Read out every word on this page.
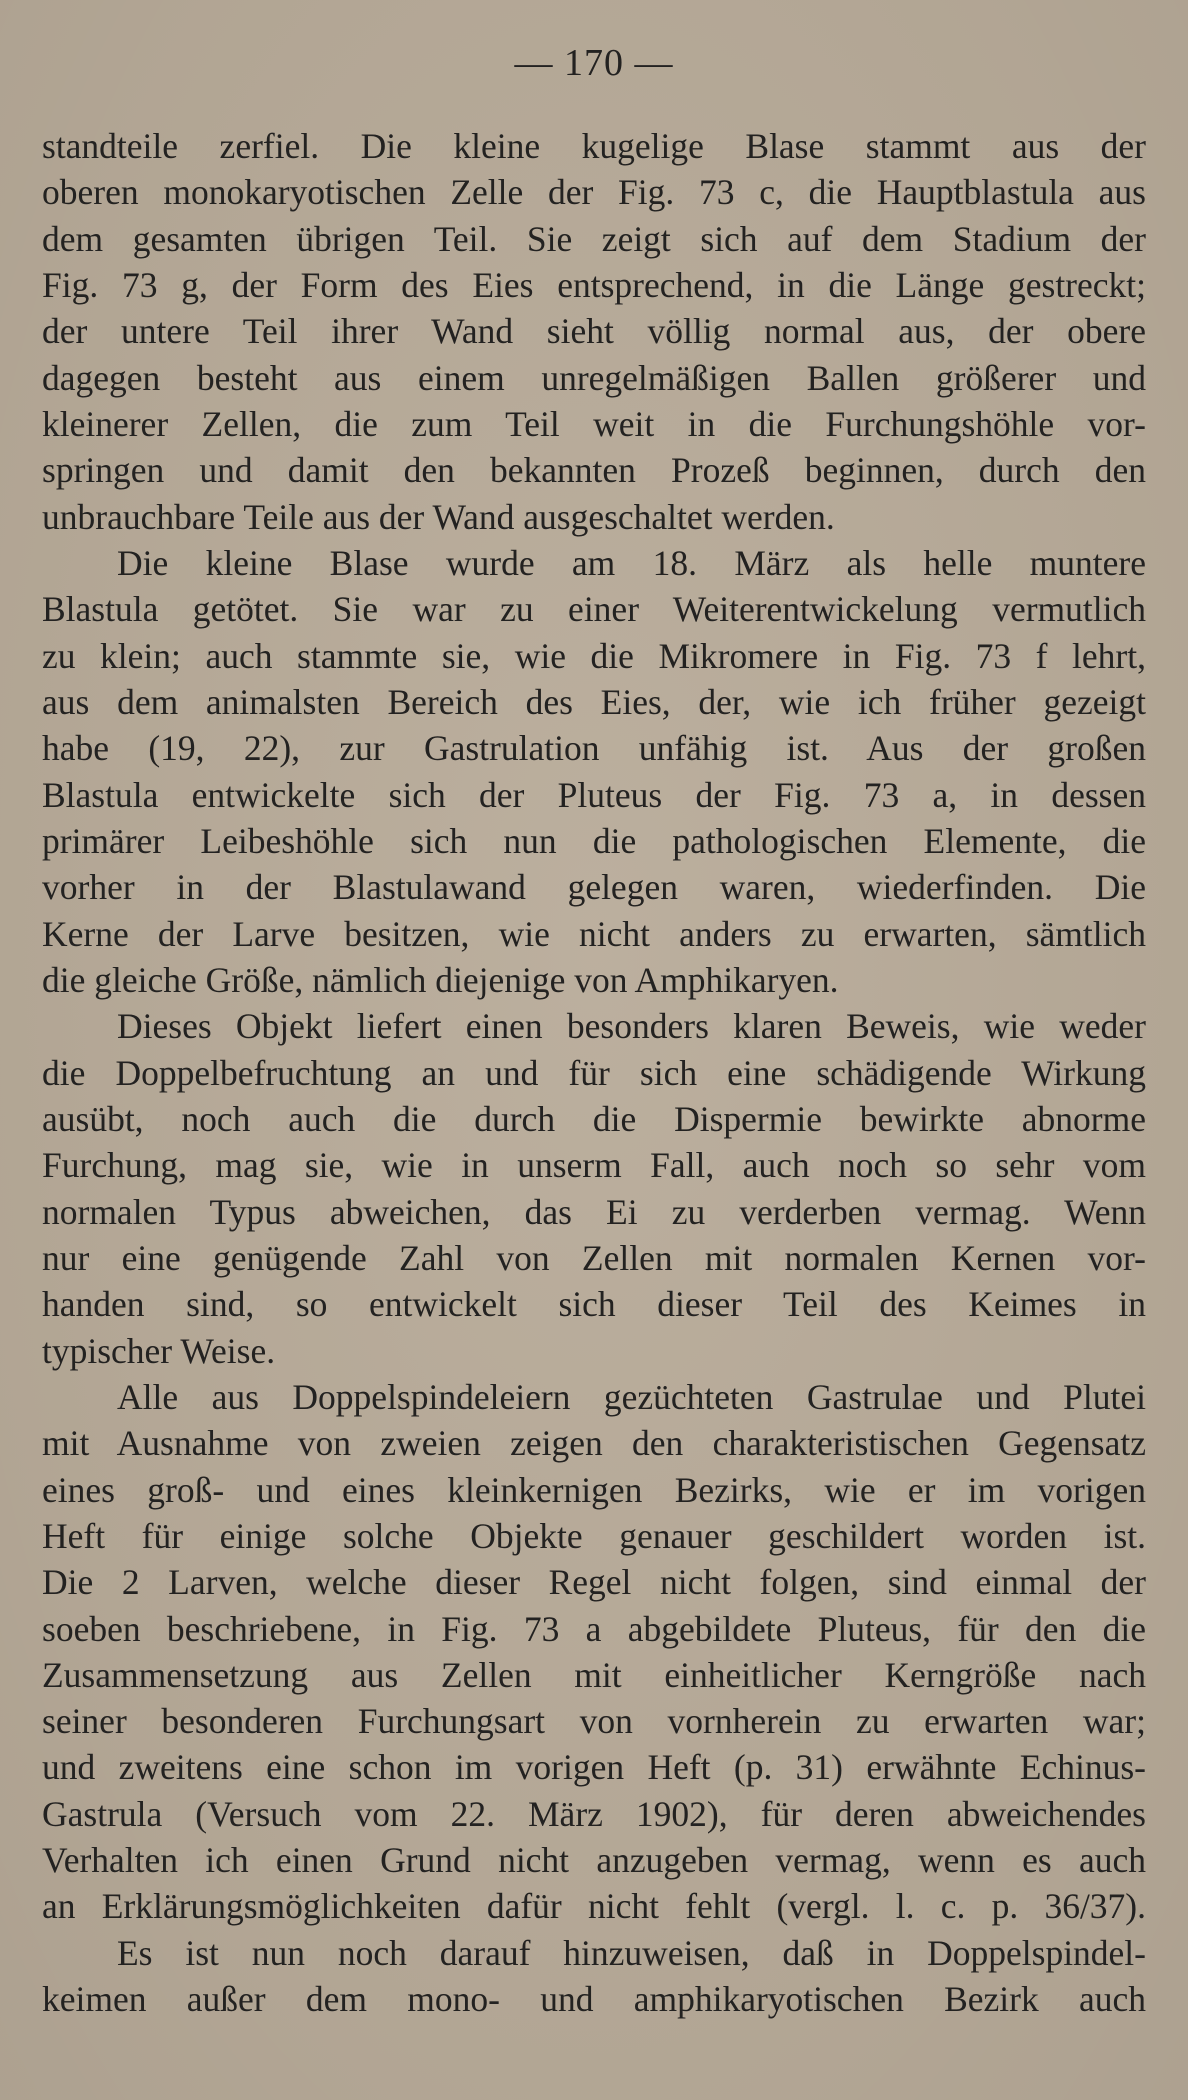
— 170 —
standteile zerfiel. Die kleine kugelige Blase stammt aus der
oberen monokaryotischen Zelle der Fig. 73 c, die Hauptblastula aus
dem gesamten übrigen Teil. Sie zeigt sich auf dem Stadium der
Fig. 73 g, der Form des Eies entsprechend, in die Länge gestreckt;
der untere Teil ihrer Wand sieht völlig normal aus, der obere
dagegen besteht aus einem unregelmäßigen Ballen größerer und
kleinerer Zellen, die zum Teil weit in die Furchungshöhle vor-
springen und damit den bekannten Prozeß beginnen, durch den
unbrauchbare Teile aus der Wand ausgeschaltet werden.
Die kleine Blase wurde am 18. März als helle muntere
Blastula getötet. Sie war zu einer Weiterentwickelung vermutlich
zu klein; auch stammte sie, wie die Mikromere in Fig. 73 f lehrt,
aus dem animalsten Bereich des Eies, der, wie ich früher gezeigt
habe (19, 22), zur Gastrulation unfähig ist. Aus der großen
Blastula entwickelte sich der Pluteus der Fig. 73 a, in dessen
primärer Leibeshöhle sich nun die pathologischen Elemente, die
vorher in der Blastulawand gelegen waren, wiederfinden. Die
Kerne der Larve besitzen, wie nicht anders zu erwarten, sämtlich
die gleiche Größe, nämlich diejenige von Amphikaryen.
Dieses Objekt liefert einen besonders klaren Beweis, wie weder
die Doppelbefruchtung an und für sich eine schädigende Wirkung
ausübt, noch auch die durch die Dispermie bewirkte abnorme
Furchung, mag sie, wie in unserm Fall, auch noch so sehr vom
normalen Typus abweichen, das Ei zu verderben vermag. Wenn
nur eine genügende Zahl von Zellen mit normalen Kernen vor-
handen sind, so entwickelt sich dieser Teil des Keimes in
typischer Weise.
Alle aus Doppelspindeleiern gezüchteten Gastrulae und Plutei
mit Ausnahme von zweien zeigen den charakteristischen Gegensatz
eines groß- und eines kleinkernigen Bezirks, wie er im vorigen
Heft für einige solche Objekte genauer geschildert worden ist.
Die 2 Larven, welche dieser Regel nicht folgen, sind einmal der
soeben beschriebene, in Fig. 73 a abgebildete Pluteus, für den die
Zusammensetzung aus Zellen mit einheitlicher Kerngröße nach
seiner besonderen Furchungsart von vornherein zu erwarten war;
und zweitens eine schon im vorigen Heft (p. 31) erwähnte Echinus-
Gastrula (Versuch vom 22. März 1902), für deren abweichendes
Verhalten ich einen Grund nicht anzugeben vermag, wenn es auch
an Erklärungsmöglichkeiten dafür nicht fehlt (vergl. l. c. p. 36/37).
Es ist nun noch darauf hinzuweisen, daß in Doppelspindel-
keimen außer dem mono- und amphikaryotischen Bezirk auch
